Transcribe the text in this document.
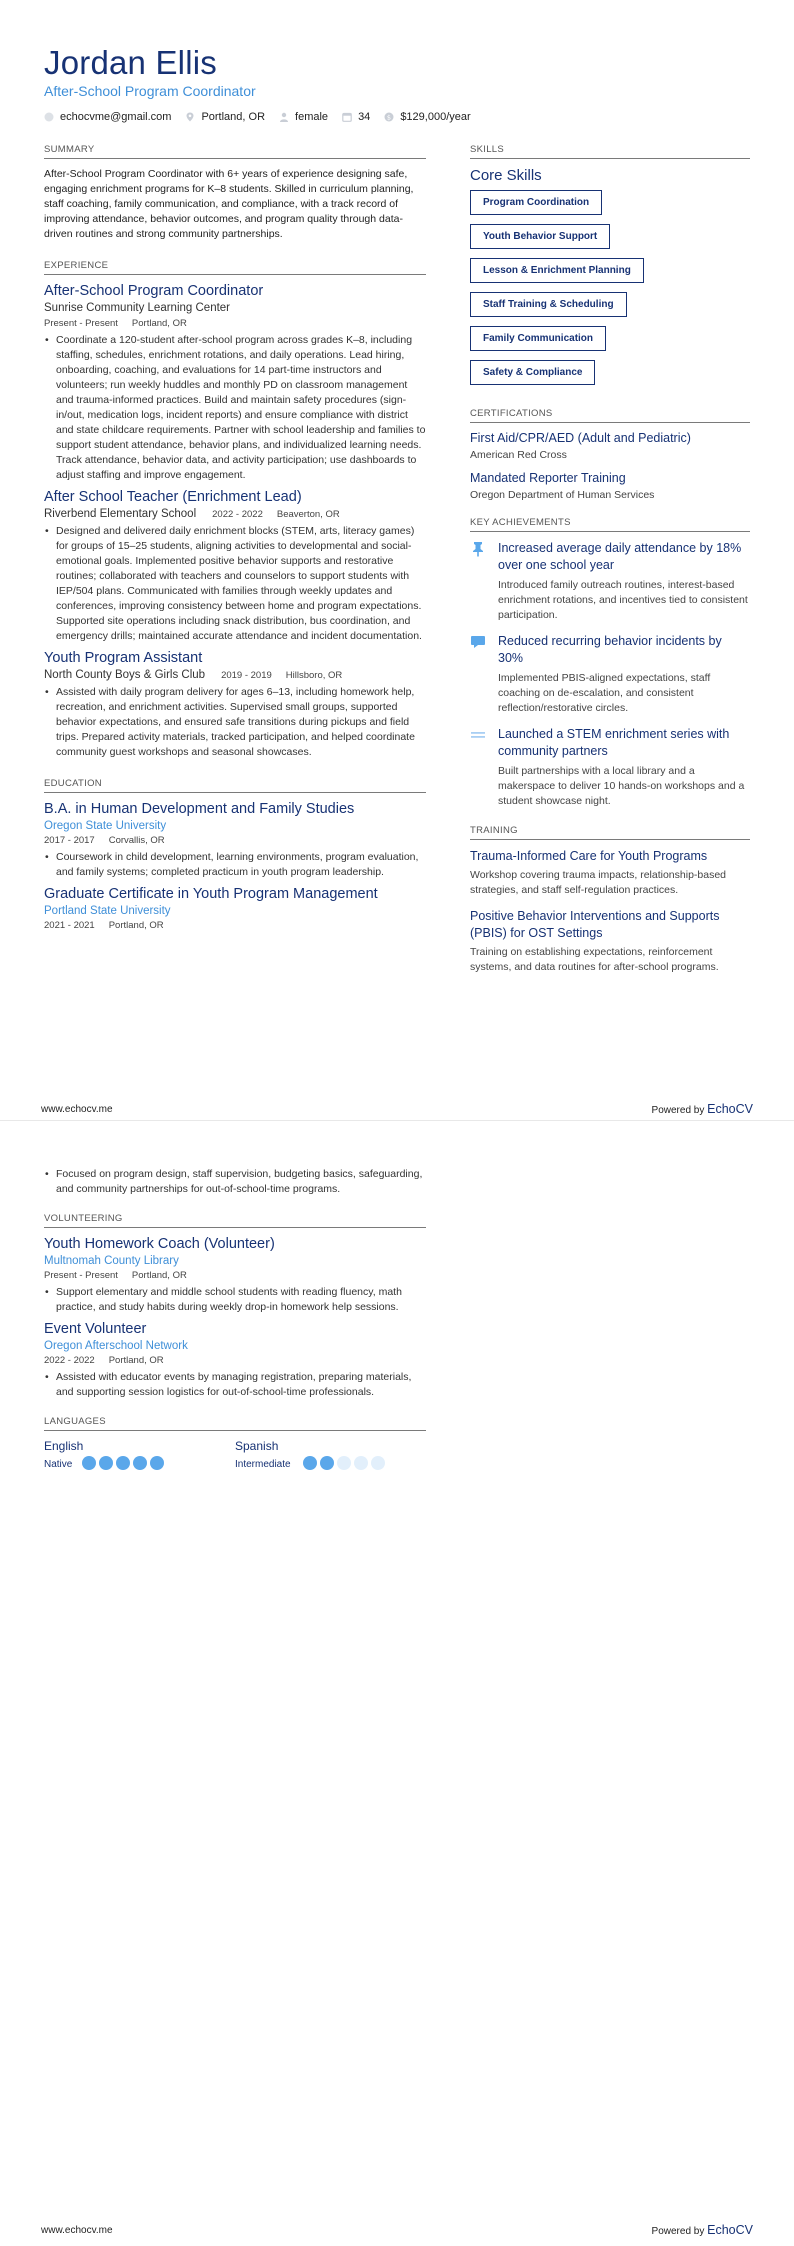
Jordan Ellis
After-School Program Coordinator
echocvme@gmail.com	Portland, OR	female	34	$ $129,000/year
SUMMARY

After-School Program Coordinator with 6+ years of experience designing safe, engaging enrichment programs for K–8 students. Skilled in curriculum planning, staff coaching, family communication, and compliance, with a track record of improving attendance, behavior outcomes, and program quality through data-driven routines and strong community partnerships.

EXPERIENCE
After-School Program Coordinator
Sunrise Community Learning Center
Present - Present Portland, OR
• Coordinate a 120-student after-school program across grades K–8, including staffing, schedules, enrichment rotations, and daily operations. Lead hiring, onboarding, coaching, and evaluations for 14 part-time instructors and volunteers; run weekly huddles and monthly PD on classroom management and trauma-informed practices. Build and maintain safety procedures (sign-in/out, medication logs, incident reports) and ensure compliance with district and state childcare requirements. Partner with school leadership and families to support student attendance, behavior plans, and individualized learning needs. Track attendance, behavior data, and activity participation; use dashboards to adjust staffing and improve engagement.
After School Teacher (Enrichment Lead)
Riverbend Elementary School 2022 - 2022 Beaverton, OR
• Designed and delivered daily enrichment blocks (STEM, arts, literacy games) for groups of 15–25 students, aligning activities to developmental and social-emotional goals. Implemented positive behavior supports and restorative routines; collaborated with teachers and counselors to support students with IEP/504 plans. Communicated with families through weekly updates and conferences, improving consistency between home and program expectations. Supported site operations including snack distribution, bus coordination, and emergency drills; maintained accurate attendance and incident documentation.
Youth Program Assistant
North County Boys & Girls Club 2019 - 2019 Hillsboro, OR
• Assisted with daily program delivery for ages 6–13, including homework help, recreation, and enrichment activities. Supervised small groups, supported behavior expectations, and ensured safe transitions during pickups and field trips. Prepared activity materials, tracked participation, and helped coordinate community guest workshops and seasonal showcases.
EDUCATION
B.A. in Human Development and Family Studies
Oregon State University
2017 - 2017 Corvallis, OR
• Coursework in child development, learning environments, program evaluation, and family systems; completed practicum in youth program leadership.
Graduate Certificate in Youth Program Management
Portland State University
2021 - 2021 Portland, OR
SKILLS
Core Skills
Program Coordination
Youth Behavior Support
Lesson & Enrichment Planning
Staff Training & Scheduling
Family Communication
Safety & Compliance
CERTIFICATIONS
First Aid/CPR/AED (Adult and Pediatric)
American Red Cross
Mandated Reporter Training
Oregon Department of Human Services
KEY ACHIEVEMENTS
Increased average daily attendance by 18% over one school year
Introduced family outreach routines, interest-based enrichment rotations, and incentives tied to consistent participation.
Reduced recurring behavior incidents by 30%
Implemented PBIS-aligned expectations, staff coaching on de-escalation, and consistent reflection/restorative circles.
Launched a STEM enrichment series with community partners
Built partnerships with a local library and a makerspace to deliver 10 hands-on workshops and a student showcase night.
TRAINING
Trauma-Informed Care for Youth Programs
Workshop covering trauma impacts, relationship-based strategies, and staff self-regulation practices.
Positive Behavior Interventions and Supports (PBIS) for OST Settings
Training on establishing expectations, reinforcement systems, and data routines for after-school programs.
www.echocv.me	Powered by EchoCV
• Focused on program design, staff supervision, budgeting basics, safeguarding, and community partnerships for out-of-school-time programs.
VOLUNTEERING
Youth Homework Coach (Volunteer)
Multnomah County Library
Present - Present Portland, OR
• Support elementary and middle school students with reading fluency, math practice, and study habits during weekly drop-in homework help sessions.
Event Volunteer
Oregon Afterschool Network
2022 - 2022 Portland, OR
• Assisted with educator events by managing registration, preparing materials, and supporting session logistics for out-of-school-time professionals.
LANGUAGES
English
Native
Spanish
Intermediate
www.echocv.me	Powered by EchoCV
